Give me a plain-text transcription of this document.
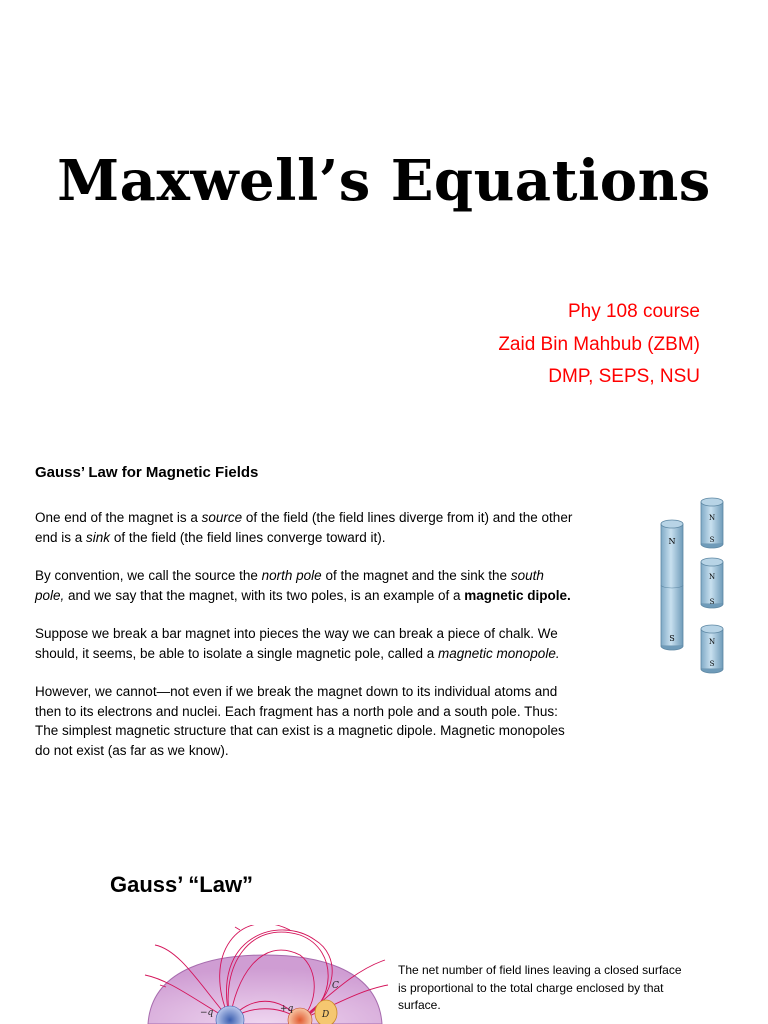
Maxwell’s Equations
Phy 108 course
Zaid Bin Mahbub (ZBM)
DMP, SEPS, NSU
Gauss’ Law for Magnetic Fields

One end of the magnet is a source of the field (the field lines diverge from it) and the other end is a sink of the field (the field lines converge toward it).

By convention, we call the source the north pole of the magnet and the sink the south pole, and we say that the magnet, with its two poles, is an example of a magnetic dipole.

Suppose we break a bar magnet into pieces the way we can break a piece of chalk. We should, it seems, be able to isolate a single magnetic pole, called a magnetic monopole.

However, we cannot—not even if we break the magnet down to its individual atoms and then to its electrons and nuclei. Each fragment has a north pole and a south pole. Thus: The simplest magnetic structure that can exist is a magnetic dipole. Magnetic monopoles do not exist (as far as we know).

N
S
N
S
N
S
N
S
Gauss’ “Law”
−q	+q
C
D
The net number of field lines leaving a closed surface is proportional to the total charge enclosed by that surface.
